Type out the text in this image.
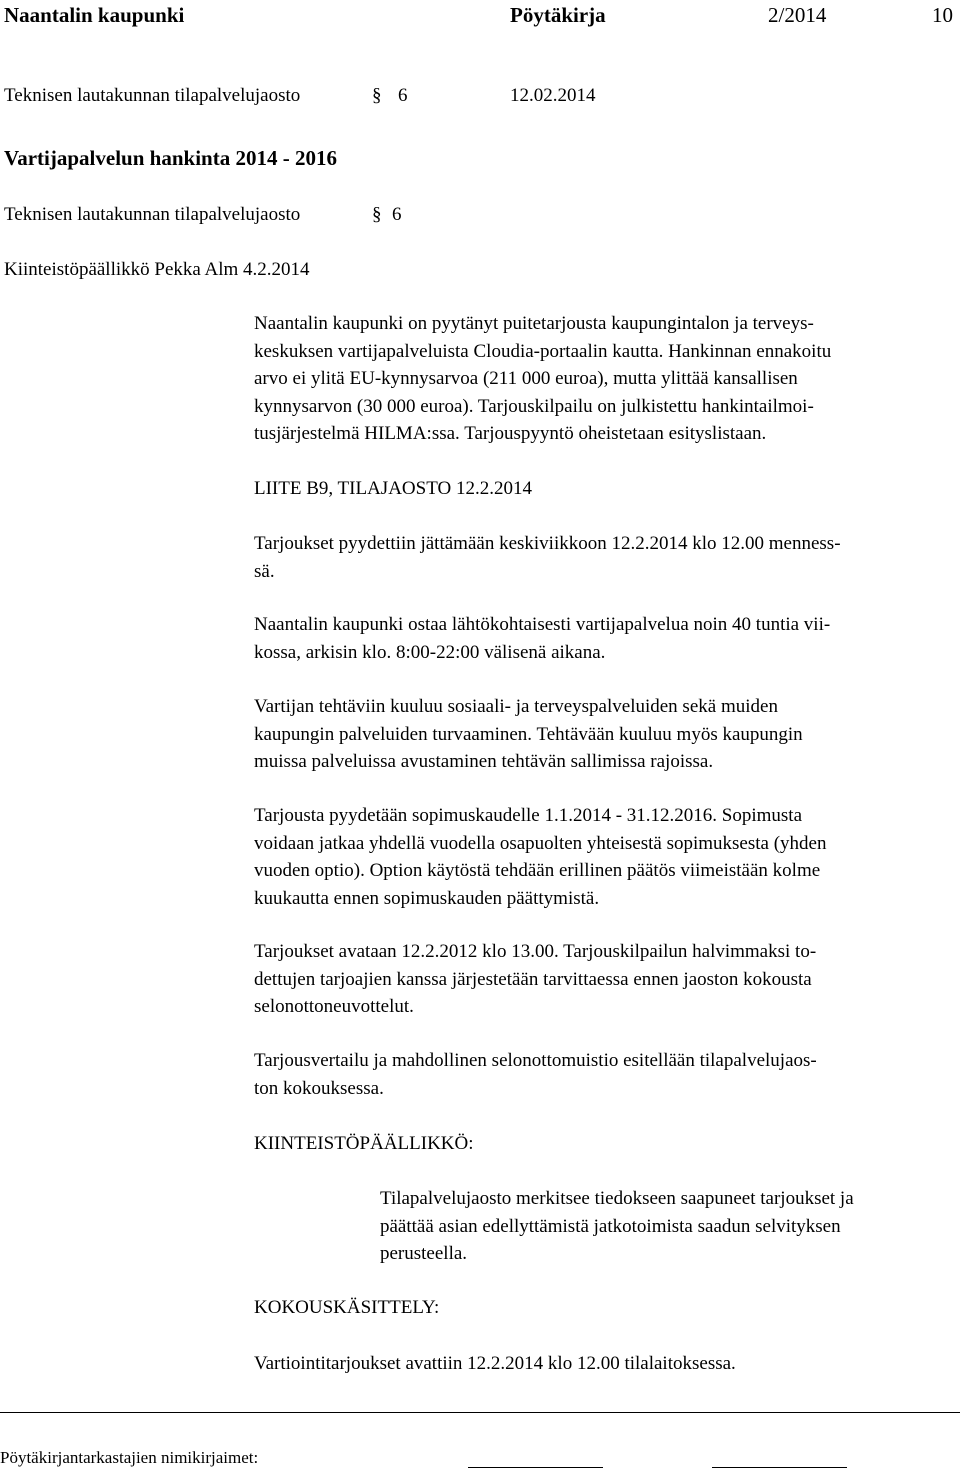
Naantalin kaupunki	Pöytäkirja	2/2014	10
Teknisen lautakunnan tilapalvelujaosto	§ 6	12.02.2014
Vartijapalvelun hankinta 2014 - 2016
Teknisen lautakunnan tilapalvelujaosto	§ 6
Kiinteistöpäällikkö Pekka Alm 4.2.2014

Naantalin kaupunki on pyytänyt puitetarjousta kaupungintalon ja terveys-

keskuksen vartijapalveluista Cloudia-portaalin kautta. Hankinnan ennakoitu

arvo ei ylitä EU-kynnysarvoa (211 000 euroa), mutta ylittää kansallisen

kynnysarvon (30 000 euroa). Tarjouskilpailu on julkistettu hankintailmoi-

tusjärjestelmä HILMA:ssa. Tarjouspyyntö oheistetaan esityslistaan.

LIITE B9, TILAJAOSTO 12.2.2014

Tarjoukset pyydettiin jättämään keskiviikkoon 12.2.2014 klo 12.00 menness-

sä.

Naantalin kaupunki ostaa lähtökohtaisesti vartijapalvelua noin 40 tuntia vii-

kossa, arkisin klo. 8:00-22:00 välisenä aikana.

Vartijan tehtäviin kuuluu sosiaali- ja terveyspalveluiden sekä muiden

kaupungin palveluiden turvaaminen. Tehtävään kuuluu myös kaupungin

muissa palveluissa avustaminen tehtävän sallimissa rajoissa.

Tarjousta pyydetään sopimuskaudelle 1.1.2014 - 31.12.2016. Sopimusta

voidaan jatkaa yhdellä vuodella osapuolten yhteisestä sopimuksesta (yhden

vuoden optio). Option käytöstä tehdään erillinen päätös viimeistään kolme

kuukautta ennen sopimuskauden päättymistä.

Tarjoukset avataan 12.2.2012 klo 13.00. Tarjouskilpailun halvimmaksi to-

dettujen tarjoajien kanssa järjestetään tarvittaessa ennen jaoston kokousta

selonottoneuvottelut.

Tarjousvertailu ja mahdollinen selonottomuistio esitellään tilapalvelujaos-

ton kokouksessa.

KIINTEISTÖPÄÄLLIKKÖ:

Tilapalvelujaosto merkitsee tiedokseen saapuneet tarjoukset ja

päättää asian edellyttämistä jatkotoimista saadun selvityksen

perusteella.

KOKOUSKÄSITTELY:
Vartiointitarjoukset avattiin 12.2.2014 klo 12.00 tilalaitoksessa.
Pöytäkirjantarkastajien nimikirjaimet:
